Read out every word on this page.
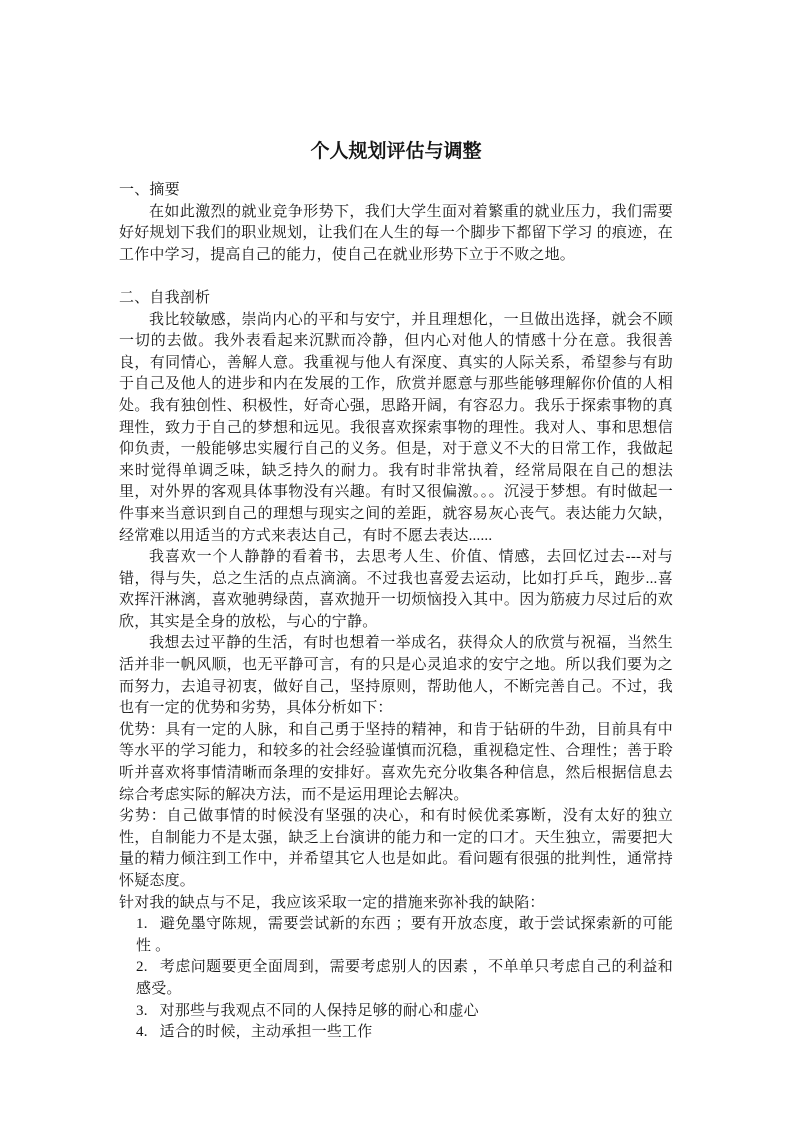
个人规划评估与调整

一、摘要

在如此激烈的就业竞争形势下，我们大学生面对着繁重的就业压力，我们需要好好规划下我们的职业规划，让我们在人生的每一个脚步下都留下学习 的痕迹，在工作中学习，提高自己的能力，使自己在就业形势下立于不败之地。

二、自我剖析

我比较敏感，崇尚内心的平和与安宁，并且理想化，一旦做出选择，就会不顾一切的去做。我外表看起来沉默而冷静，但内心对他人的情感十分在意。我很善良，有同情心，善解人意。我重视与他人有深度、真实的人际关系，希望参与有助于自己及他人的进步和内在发展的工作，欣赏并愿意与那些能够理解你价值的人相处。我有独创性、积极性，好奇心强，思路开阔，有容忍力。我乐于探索事物的真理性，致力于自己的梦想和远见。我很喜欢探索事物的理性。我对人、事和思想信仰负责，一般能够忠实履行自己的义务。但是，对于意义不大的日常工作，我做起来时觉得单调乏味，缺乏持久的耐力。我有时非常执着，经常局限在自己的想法里，对外界的客观具体事物没有兴趣。有时又很偏激。。。沉浸于梦想。有时做起一件事来当意识到自己的理想与现实之间的差距，就容易灰心丧气。表达能力欠缺，经常难以用适当的方式来表达自己，有时不愿去表达......

我喜欢一个人静静的看着书，去思考人生、价值、情感，去回忆过去---对与错，得与失，总之生活的点点滴滴。不过我也喜爱去运动，比如打乒乓，跑步...喜欢挥汗淋漓，喜欢驰骋绿茵，喜欢抛开一切烦恼投入其中。因为筋疲力尽过后的欢欣，其实是全身的放松，与心的宁静。

我想去过平静的生活，有时也想着一举成名，获得众人的欣赏与祝福，当然生活并非一帆风顺，也无平静可言，有的只是心灵追求的安宁之地。所以我们要为之而努力，去追寻初衷，做好自己，坚持原则，帮助他人，不断完善自己。不过，我也有一定的优势和劣势，具体分析如下：

优势：具有一定的人脉，和自己勇于坚持的精神，和肯于钻研的牛劲，目前具有中等水平的学习能力，和较多的社会经验谨慎而沉稳，重视稳定性、合理性；善于聆听并喜欢将事情清晰而条理的安排好。喜欢先充分收集各种信息，然后根据信息去综合考虑实际的解决方法，而不是运用理论去解决。

劣势：自己做事情的时候没有坚强的决心，和有时候优柔寡断，没有太好的独立性，自制能力不是太强，缺乏上台演讲的能力和一定的口才。天生独立，需要把大量的精力倾注到工作中，并希望其它人也是如此。看问题有很强的批判性，通常持怀疑态度。

针对我的缺点与不足，我应该采取一定的措施来弥补我的缺陷：

1. 避免墨守陈规，需要尝试新的东西 ；要有开放态度，敢于尝试探索新的可能性 。
2. 考虑问题要更全面周到，需要考虑别人的因素 ，不单单只考虑自己的利益和感受。
3. 对那些与我观点不同的人保持足够的耐心和虚心
4. 适合的时候，主动承担一些工作
